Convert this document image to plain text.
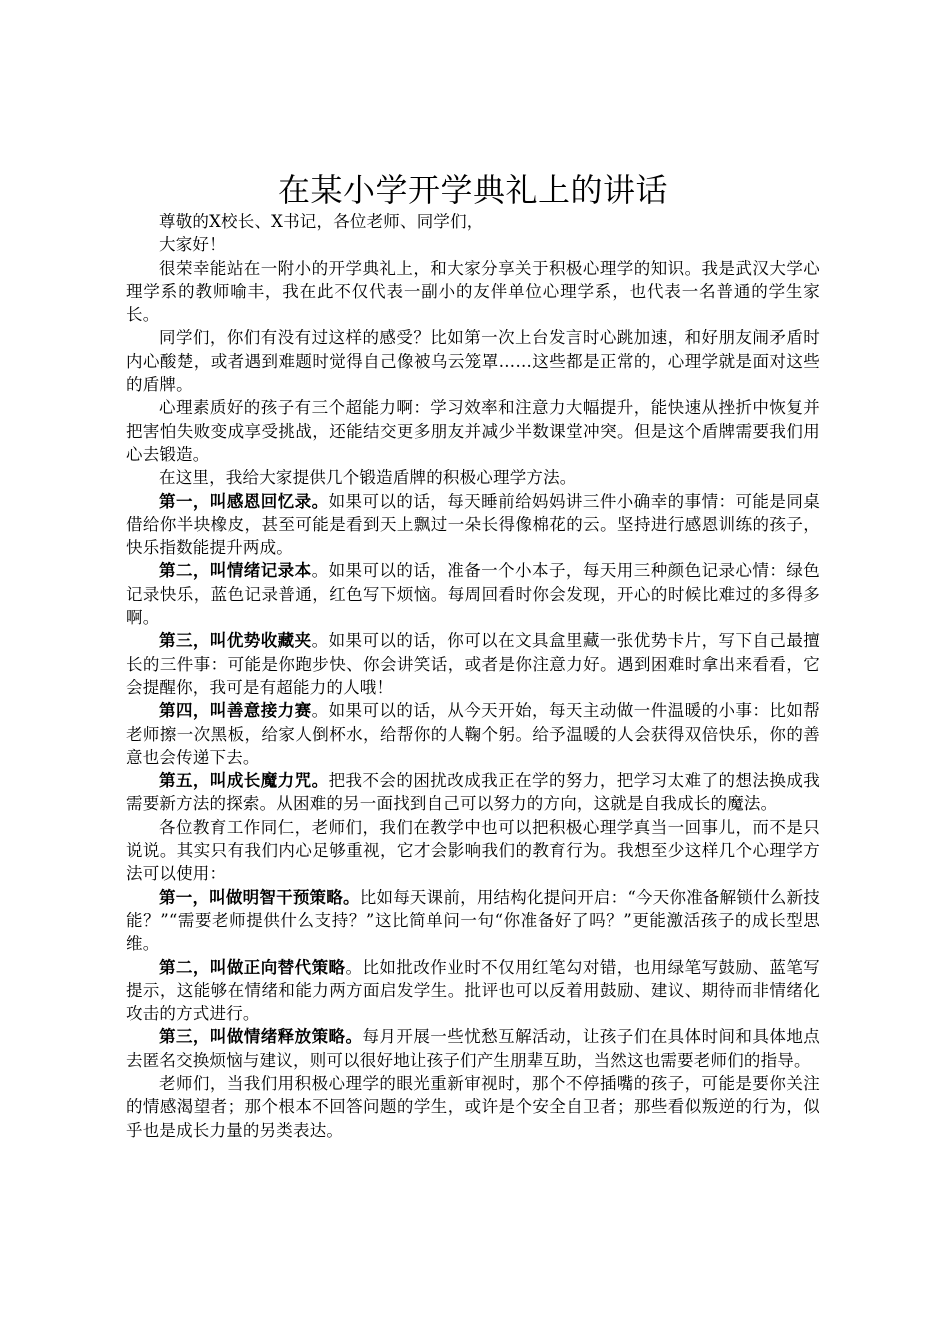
在某小学开学典礼上的讲话

尊敬的X校长、X书记，各位老师、同学们，

大家好！

很荣幸能站在一附小的开学典礼上，和大家分享关于积极心理学的知识。我是武汉大学心理学系的教师喻丰，我在此不仅代表一副小的友伴单位心理学系，也代表一名普通的学生家长。

同学们，你们有没有过这样的感受？比如第一次上台发言时心跳加速，和好朋友闹矛盾时内心酸楚，或者遇到难题时觉得自己像被乌云笼罩……这些都是正常的，心理学就是面对这些的盾牌。

心理素质好的孩子有三个超能力啊：学习效率和注意力大幅提升，能快速从挫折中恢复并把害怕失败变成享受挑战，还能结交更多朋友并减少半数课堂冲突。但是这个盾牌需要我们用心去锻造。

在这里，我给大家提供几个锻造盾牌的积极心理学方法。

第一，叫感恩回忆录。如果可以的话，每天睡前给妈妈讲三件小确幸的事情：可能是同桌借给你半块橡皮，甚至可能是看到天上飘过一朵长得像棉花的云。坚持进行感恩训练的孩子，快乐指数能提升两成。

第二，叫情绪记录本。如果可以的话，准备一个小本子，每天用三种颜色记录心情：绿色记录快乐，蓝色记录普通，红色写下烦恼。每周回看时你会发现，开心的时候比难过的多得多啊。

第三，叫优势收藏夹。如果可以的话，你可以在文具盒里藏一张优势卡片，写下自己最擅长的三件事：可能是你跑步快、你会讲笑话，或者是你注意力好。遇到困难时拿出来看看，它会提醒你，我可是有超能力的人哦！

第四，叫善意接力赛。如果可以的话，从今天开始，每天主动做一件温暖的小事：比如帮老师擦一次黑板，给家人倒杯水，给帮你的人鞠个躬。给予温暖的人会获得双倍快乐，你的善意也会传递下去。

第五，叫成长魔力咒。把我不会的困扰改成我正在学的努力，把学习太难了的想法换成我需要新方法的探索。从困难的另一面找到自己可以努力的方向，这就是自我成长的魔法。

各位教育工作同仁，老师们，我们在教学中也可以把积极心理学真当一回事儿，而不是只说说。其实只有我们内心足够重视，它才会影响我们的教育行为。我想至少这样几个心理学方法可以使用：

第一，叫做明智干预策略。比如每天课前，用结构化提问开启：“今天你准备解锁什么新技能？”“需要老师提供什么支持？”这比简单问一句“你准备好了吗？”更能激活孩子的成长型思维。

第二，叫做正向替代策略。比如批改作业时不仅用红笔勾对错，也用绿笔写鼓励、蓝笔写提示，这能够在情绪和能力两方面启发学生。批评也可以反着用鼓励、建议、期待而非情绪化攻击的方式进行。

第三，叫做情绪释放策略。每月开展一些忧愁互解活动，让孩子们在具体时间和具体地点去匿名交换烦恼与建议，则可以很好地让孩子们产生朋辈互助，当然这也需要老师们的指导。

老师们，当我们用积极心理学的眼光重新审视时，那个不停插嘴的孩子，可能是要你关注的情感渴望者；那个根本不回答问题的学生，或许是个安全自卫者；那些看似叛逆的行为，似乎也是成长力量的另类表达。
